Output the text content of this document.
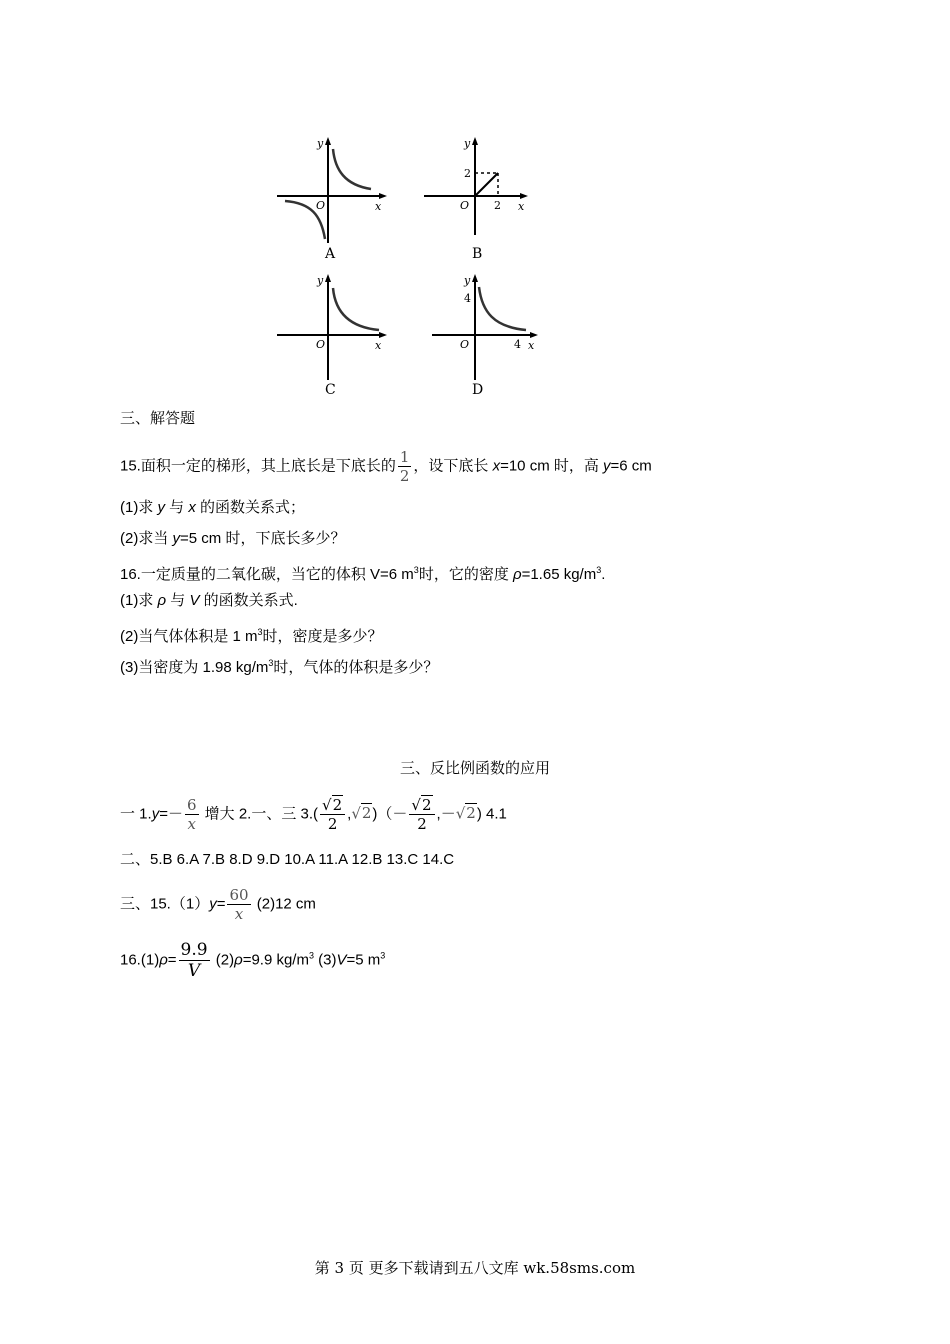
y
x
O
A
y
x
O
2
2
B
y
x
O
C
y
x
O
4
4
D
三、解答题
15.面积一定的梯形，其上底长是下底长的 $\frac{1}{2}$ ，设下底长 x=10 cm 时，高 y=6 cm
(1)求 y 与 x 的函数关系式；
(2)求当 y=5 cm 时，下底长多少？
16.一定质量的二氧化碳，当它的体积 V=6 $m^3$时，它的密度 ρ=1.65 $kg/m^3$.
(1)求 ρ 与 V 的函数关系式.
(2)当气体体积是 1 $m^3$时，密度是多少？
(3)当密度为 1.98 $kg/m^3$时，气体的体积是多少？
三、反比例函数的应用
一 $1.y=- \frac{6}{x}$ 增大 2.一、三 $3.( \frac{√2}{2} ,√2)(- \frac{√2}{2} ,-√2)$ 4.1
二、5.B 6.A 7.B 8.D 9.D 10.A 11.A 12.B 13.C 14.C
三、$15.(1)y= \frac{60}{x} (2)12$ cm
$16.(1)\rho= \frac{9.9}{V} (2)\rho=9.9$ $kg/m^3$ (3)V=5 $m^3$
第 3 页 更多下载请到五八文库 wk.58sms.com
